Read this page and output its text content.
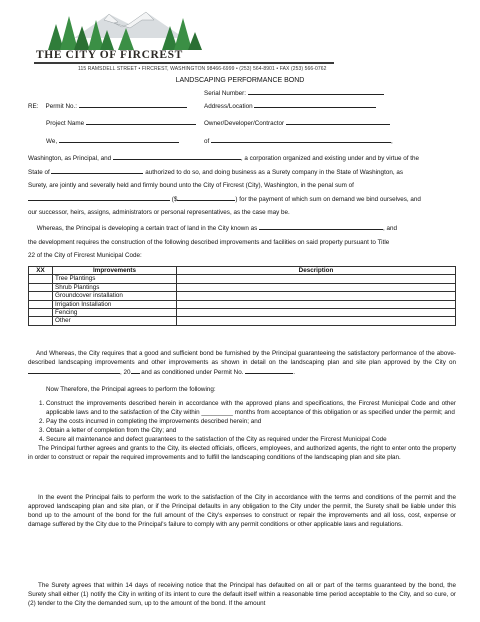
THE CITY OF FIRCREST
115 RAMSDELL STREET • FIRCREST, WASHINGTON 98466-6999 • (253) 564-8901 • FAX (253) 566-0762
LANDSCAPING PERFORMANCE BOND
Serial Number:
RE: Permit No.:	Address/Location
Project Name	Owner/Developer/Contractor
We,	of	,

Washington, as Principal, and	, a corporation organized and existing under and by virtue of the

State of	authorized to do so, and doing business as a Surety company in the State of Washington, as

Surety, are jointly and severally held and firmly bound unto the City of Fircrest (City), Washington, in the penal sum of

($	) for the payment of which sum on demand we bind ourselves, and

our successor, heirs, assigns, administrators or personal representatives, as the case may be.

Whereas, the Principal is developing a certain tract of land in the City known as	, and

the development requires the construction of the following described improvements and facilities on said property pursuant to Title

22 of the City of Fircrest Municipal Code:

XX	Improvements	Description
	Tree Plantings	
	Shrub Plantings	
	Groundcover installation	
	Irrigation Installation	
	Fencing	
	Other	

And Whereas, the City requires that a good and sufficient bond be furnished by the Principal guaranteeing the satisfactory performance of the above-described landscaping improvements and other improvements as shown in detail on the landscaping plan and site plan approved by the City on , 20 and as conditioned under Permit No.	.

Now Therefore, the Principal agrees to perform the following:

1. Construct the improvements described herein in accordance with the approved plans and specifications, the Fircrest Municipal Code and other applicable laws and to the satisfaction of the City within _________ months from acceptance of this obligation or as specified under the permit; and
2. Pay the costs incurred in completing the improvements described herein; and
3. Obtain a letter of completion from the City; and
4. Secure all maintenance and defect guarantees to the satisfaction of the City as required under the Fircrest Municipal Code

The Principal further agrees and grants to the City, its elected officials, officers, employees, and authorized agents, the right to enter onto the property in order to construct or repair the required improvements and to fulfill the landscaping conditions of the landscaping plan and site plan.

In the event the Principal fails to perform the work to the satisfaction of the City in accordance with the terms and conditions of the permit and the approved landscaping plan and site plan, or if the Principal defaults in any obligation to the City under the permit, the Surety shall be liable under this bond up to the amount of the bond for the full amount of the City's expenses to construct or repair the improvements and all loss, cost, expense or damage suffered by the City due to the Principal's failure to comply with any permit conditions or other applicable laws and regulations.

The Surety agrees that within 14 days of receiving notice that the Principal has defaulted on all or part of the terms guaranteed by the bond, the Surety shall either (1) notify the City in writing of its intent to cure the default itself within a reasonable time period acceptable to the City, and so cure, or (2) tender to the City the demanded sum, up to the amount of the bond. If the amount
